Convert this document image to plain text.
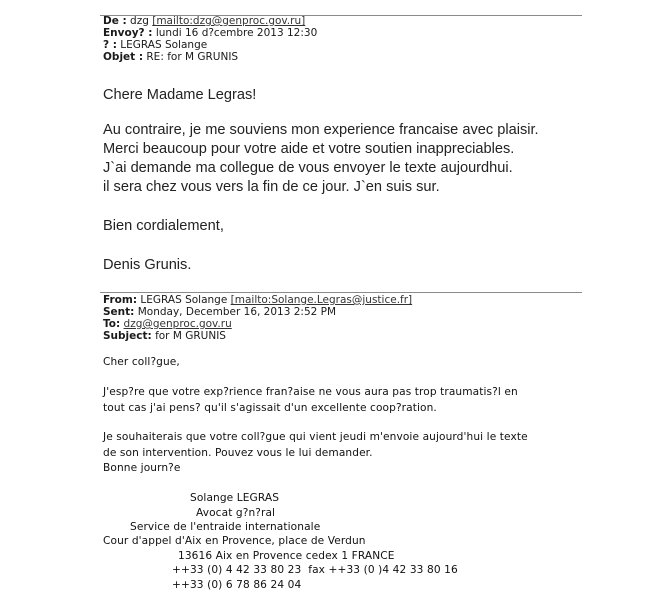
De : dzg [mailto:dzg@genproc.gov.ru]
Envoy? : lundi 16 d?cembre 2013 12:30
? : LEGRAS Solange
Objet : RE: for M GRUNIS
Chere Madame Legras!
Au contraire, je me souviens mon experience francaise avec plaisir.
Merci beaucoup pour votre aide et votre soutien inappreciables.
J`ai demande ma collegue de vous envoyer le texte aujourdhui.
il sera chez vous vers la fin de ce jour. J`en suis sur.
Bien cordialement,
Denis Grunis.
From: LEGRAS Solange [mailto:Solange.Legras@justice.fr]
Sent: Monday, December 16, 2013 2:52 PM
To: dzg@genproc.gov.ru
Subject: for M GRUNIS
Cher coll?gue,
J'esp?re que votre exp?rience fran?aise ne vous aura pas trop traumatis?l en
tout cas j'ai pens? qu'il s'agissait d'un excellente coop?ration.
Je souhaiterais que votre coll?gue qui vient jeudi m'envoie aujourd'hui le texte
de son intervention. Pouvez vous le lui demander.
Bonne journ?e
Solange LEGRAS
Avocat g?n?ral
Service de l'entraide internationale
Cour d'appel d'Aix en Provence, place de Verdun
13616 Aix en Provence cedex 1 FRANCE
++33 (0) 4 42 33 80 23  fax ++33 (0 )4 42 33 80 16
++33 (0) 6 78 86 24 04
